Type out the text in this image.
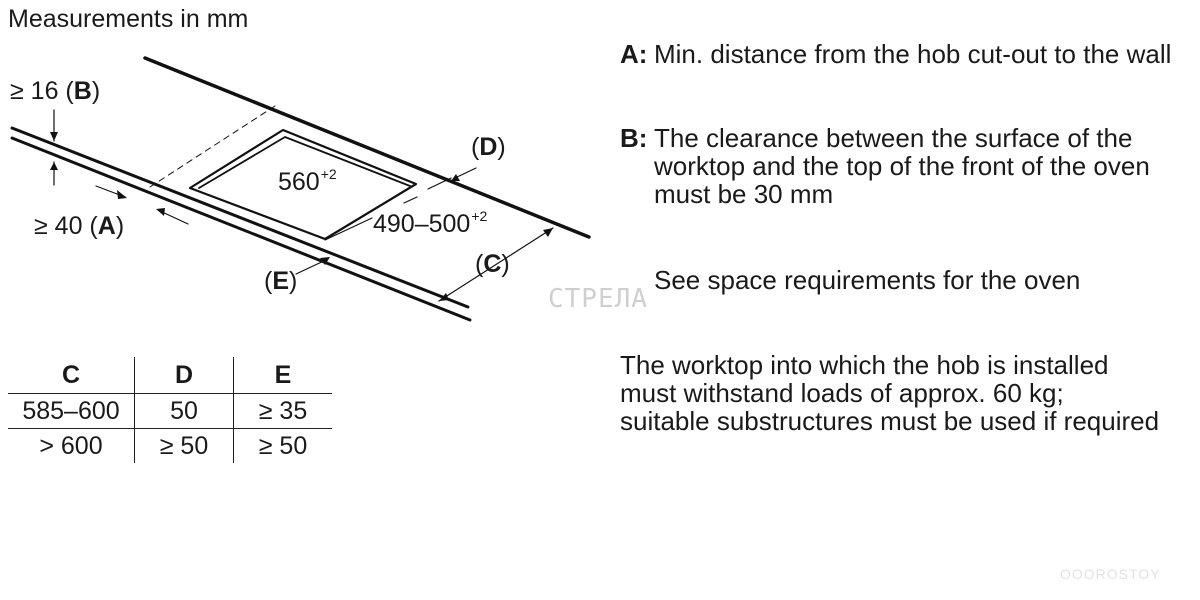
Measurements in mm
≥ 16 (B)
≥ 40 (A)
(D)
(E)
(C)
$560^{+2}$
$490-500^{+2}$
C	D	E
585–600	50	≥ 35
> 600	≥ 50	≥ 50
A: Min. distance from the hob cut-out to the wall
B: The clearance between the surface of the worktop and the top of the front of the oven must be 30 mm
See space requirements for the oven
The worktop into which the hob is installed must withstand loads of approx. 60 kg; suitable substructures must be used if required
СТРЕЛА
OOOROSTOY
